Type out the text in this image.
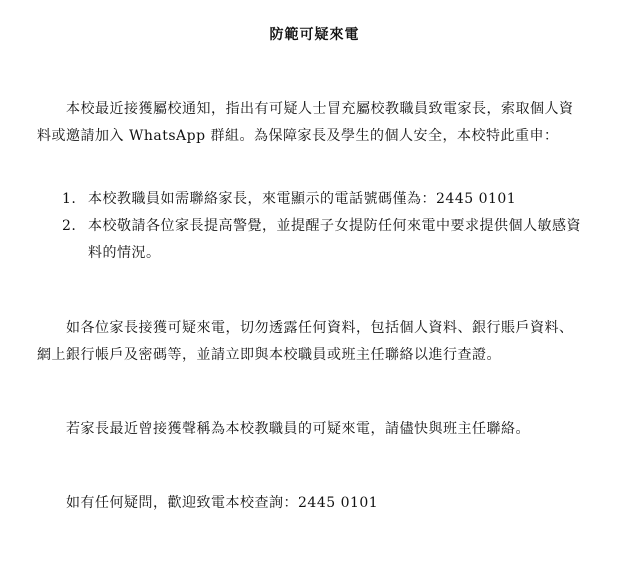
防範可疑來電

本校最近接獲屬校通知，指出有可疑人士冒充屬校教職員致電家長，索取個人資料或邀請加入 WhatsApp 群組。為保障家長及學生的個人安全，本校特此重申：

1. 本校教職員如需聯絡家長，來電顯示的電話號碼僅為：2445 0101
2. 本校敬請各位家長提高警覺，並提醒子女提防任何來電中要求提供個人敏感資料的情況。

如各位家長接獲可疑來電，切勿透露任何資料，包括個人資料、銀行賬戶資料、網上銀行帳戶及密碼等，並請立即與本校職員或班主任聯絡以進行查證。

若家長最近曾接獲聲稱為本校教職員的可疑來電，請儘快與班主任聯絡。

如有任何疑問，歡迎致電本校查詢：2445 0101
